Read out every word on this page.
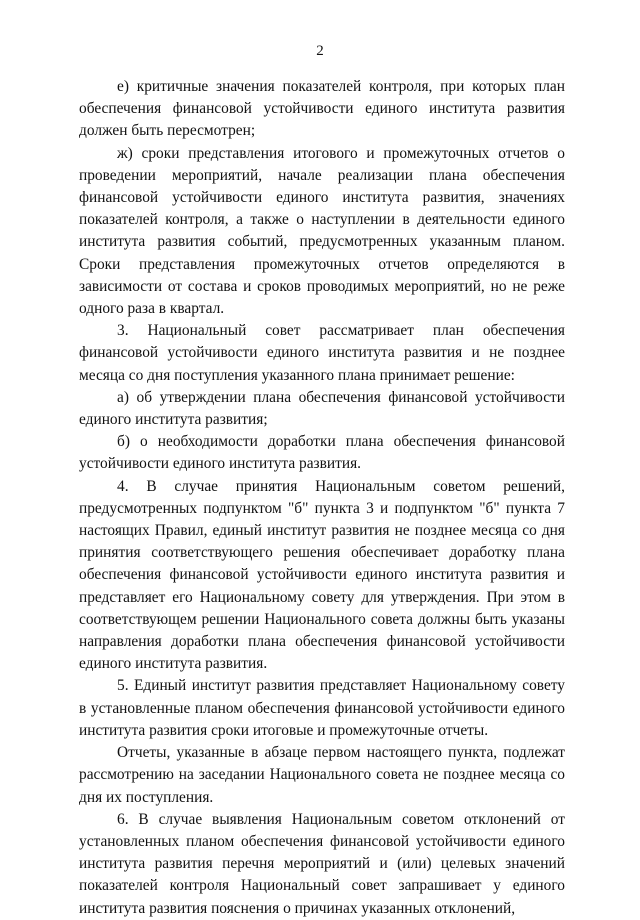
2

е) критичные значения показателей контроля, при которых план обеспечения финансовой устойчивости единого института развития должен быть пересмотрен;

ж) сроки представления итогового и промежуточных отчетов о проведении мероприятий, начале реализации плана обеспечения финансовой устойчивости единого института развития, значениях показателей контроля, а также о наступлении в деятельности единого института развития событий, предусмотренных указанным планом. Сроки представления промежуточных отчетов определяются в зависимости от состава и сроков проводимых мероприятий, но не реже одного раза в квартал.

3. Национальный совет рассматривает план обеспечения финансовой устойчивости единого института развития и не позднее месяца со дня поступления указанного плана принимает решение:

а) об утверждении плана обеспечения финансовой устойчивости единого института развития;

б) о необходимости доработки плана обеспечения финансовой устойчивости единого института развития.

4. В случае принятия Национальным советом решений, предусмотренных подпунктом "б" пункта 3 и подпунктом "б" пункта 7 настоящих Правил, единый институт развития не позднее месяца со дня принятия соответствующего решения обеспечивает доработку плана обеспечения финансовой устойчивости единого института развития и представляет его Национальному совету для утверждения. При этом в соответствующем решении Национального совета должны быть указаны направления доработки плана обеспечения финансовой устойчивости единого института развития.

5. Единый институт развития представляет Национальному совету в установленные планом обеспечения финансовой устойчивости единого института развития сроки итоговые и промежуточные отчеты.

Отчеты, указанные в абзаце первом настоящего пункта, подлежат рассмотрению на заседании Национального совета не позднее месяца со дня их поступления.

6. В случае выявления Национальным советом отклонений от установленных планом обеспечения финансовой устойчивости единого института развития перечня мероприятий и (или) целевых значений показателей контроля Национальный совет запрашивает у единого института развития пояснения о причинах указанных отклонений,
